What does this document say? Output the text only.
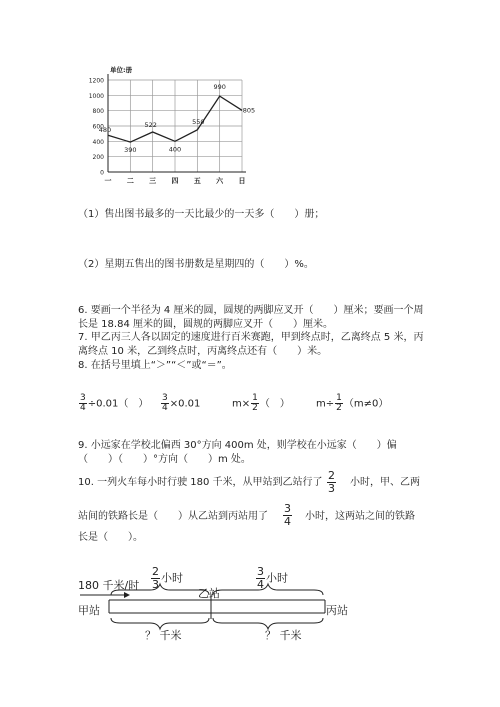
0
200
400
600
800
1000
1200
单位:册
一 二 三 四 五 六 日
480
390
522
400
550
990
805
（1）售出图书最多的一天比最少的一天多（　　）册；
（2）星期五售出的图书册数是星期四的（　　）%。
6. 要画一个半径为 4 厘米的圆，圆规的两脚应叉开（　　）厘米；要画一个周
长是 18.84 厘米的圆，圆规的两脚应叉开（　　）厘米。
7. 甲乙丙三人各以固定的速度进行百米赛跑，甲到终点时，乙离终点 5 米，丙
离终点 10 米，乙到终点时，丙离终点还有（　　）米。
8. 在括号里填上“＞”“＜”或“＝”。
$\frac{3}{4} \div 0.01$（　） $\frac{3}{4} \times 0.01$	$m\times \frac{1}{2}$ （　）	$m\div \frac{1}{2} (m\ne 0)$
9. 小远家在学校北偏西 30°方向 400m 处，则学校在小远家（　　）偏
（　　）（　　）°方向（　　）m 处。
10. 一列火车每小时行驶 180 千米，从甲站到乙站行了 $\frac{2}{3}$ 小时，甲、乙两
站间的铁路长是（　　）从乙站到丙站用了 $\frac{3}{4}$ 小时，这两站之间的铁路
长是（　　）。
180 千米/时 $\frac{2}{3}$ 小时	$\frac{3}{4}$ 小时
乙站
甲站	丙站
？ 千米	？ 千米
